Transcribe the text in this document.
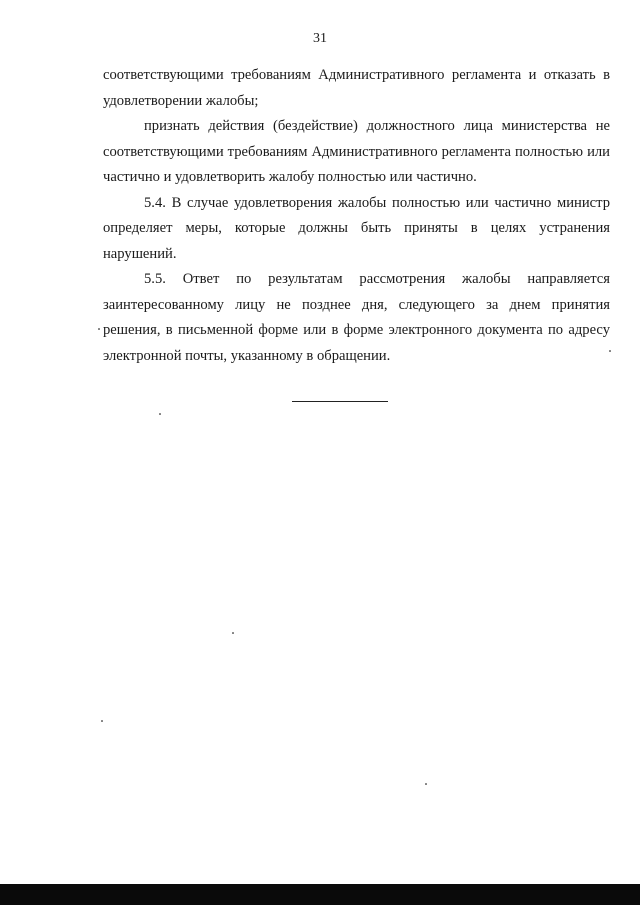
31

соответствующими требованиям Административного регламента и отказать в удовлетворении жалобы;

признать действия (бездействие) должностного лица министерства не соответствующими требованиям Административного регламента полностью или частично и удовлетворить жалобу полностью или частично.

5.4. В случае удовлетворения жалобы полностью или частично министр определяет меры, которые должны быть приняты в целях устранения нарушений.

5.5. Ответ по результатам рассмотрения жалобы направляется заинтересованному лицу не позднее дня, следующего за днем принятия решения, в письменной форме или в форме электронного документа по адресу электронной почты, указанному в обращении.
